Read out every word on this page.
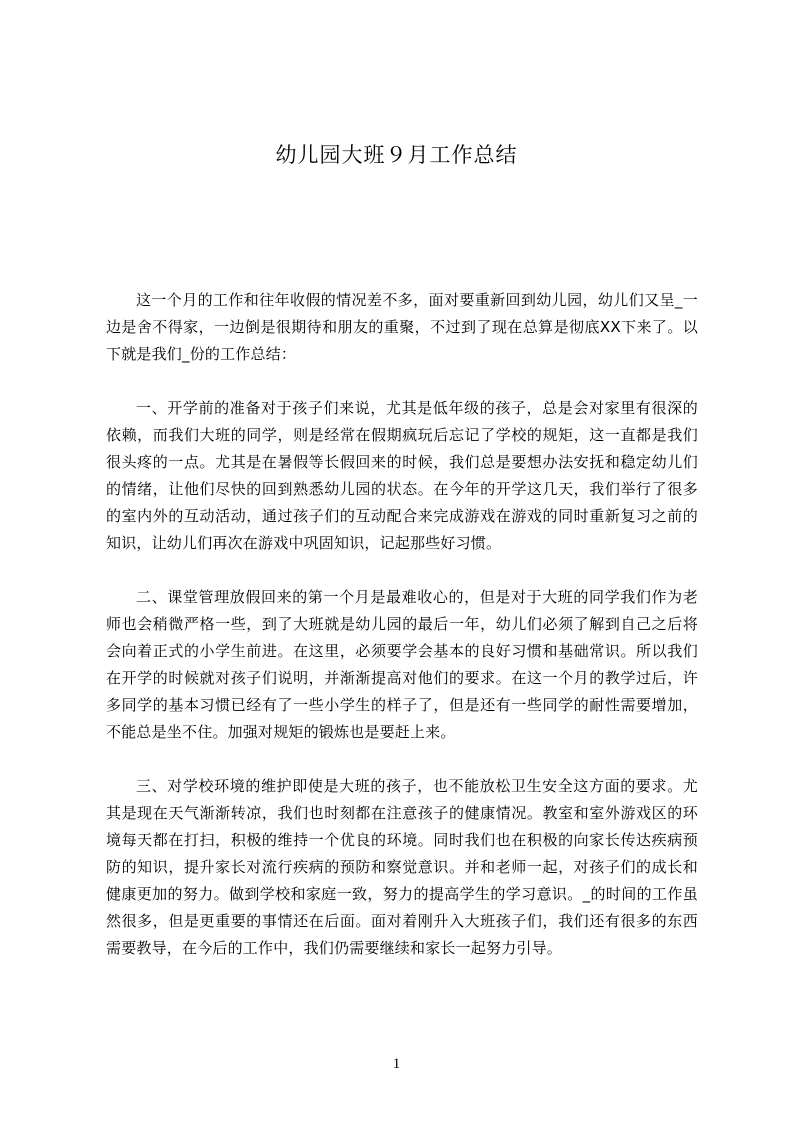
幼儿园大班９月工作总结

这一个月的工作和往年收假的情况差不多，面对要重新回到幼儿园，幼儿们又呈_一边是舍不得家，一边倒是很期待和朋友的重聚，不过到了现在总算是彻底XX下来了。以下就是我们_份的工作总结：

一、开学前的准备对于孩子们来说，尤其是低年级的孩子，总是会对家里有很深的依赖，而我们大班的同学，则是经常在假期疯玩后忘记了学校的规矩，这一直都是我们很头疼的一点。尤其是在暑假等长假回来的时候，我们总是要想办法安抚和稳定幼儿们的情绪，让他们尽快的回到熟悉幼儿园的状态。在今年的开学这几天，我们举行了很多的室内外的互动活动，通过孩子们的互动配合来完成游戏在游戏的同时重新复习之前的知识，让幼儿们再次在游戏中巩固知识，记起那些好习惯。

二、课堂管理放假回来的第一个月是最难收心的，但是对于大班的同学我们作为老师也会稍微严格一些，到了大班就是幼儿园的最后一年，幼儿们必须了解到自己之后将会向着正式的小学生前进。在这里，必须要学会基本的良好习惯和基础常识。所以我们在开学的时候就对孩子们说明，并渐渐提高对他们的要求。在这一个月的教学过后，许多同学的基本习惯已经有了一些小学生的样子了，但是还有一些同学的耐性需要增加，不能总是坐不住。加强对规矩的锻炼也是要赶上来。

三、对学校环境的维护即使是大班的孩子，也不能放松卫生安全这方面的要求。尤其是现在天气渐渐转凉，我们也时刻都在注意孩子的健康情况。教室和室外游戏区的环境每天都在打扫，积极的维持一个优良的环境。同时我们也在积极的向家长传达疾病预防的知识，提升家长对流行疾病的预防和察觉意识。并和老师一起，对孩子们的成长和健康更加的努力。做到学校和家庭一致，努力的提高学生的学习意识。_的时间的工作虽然很多，但是更重要的事情还在后面。面对着刚升入大班孩子们，我们还有很多的东西需要教导，在今后的工作中，我们仍需要继续和家长一起努力引导。

1
